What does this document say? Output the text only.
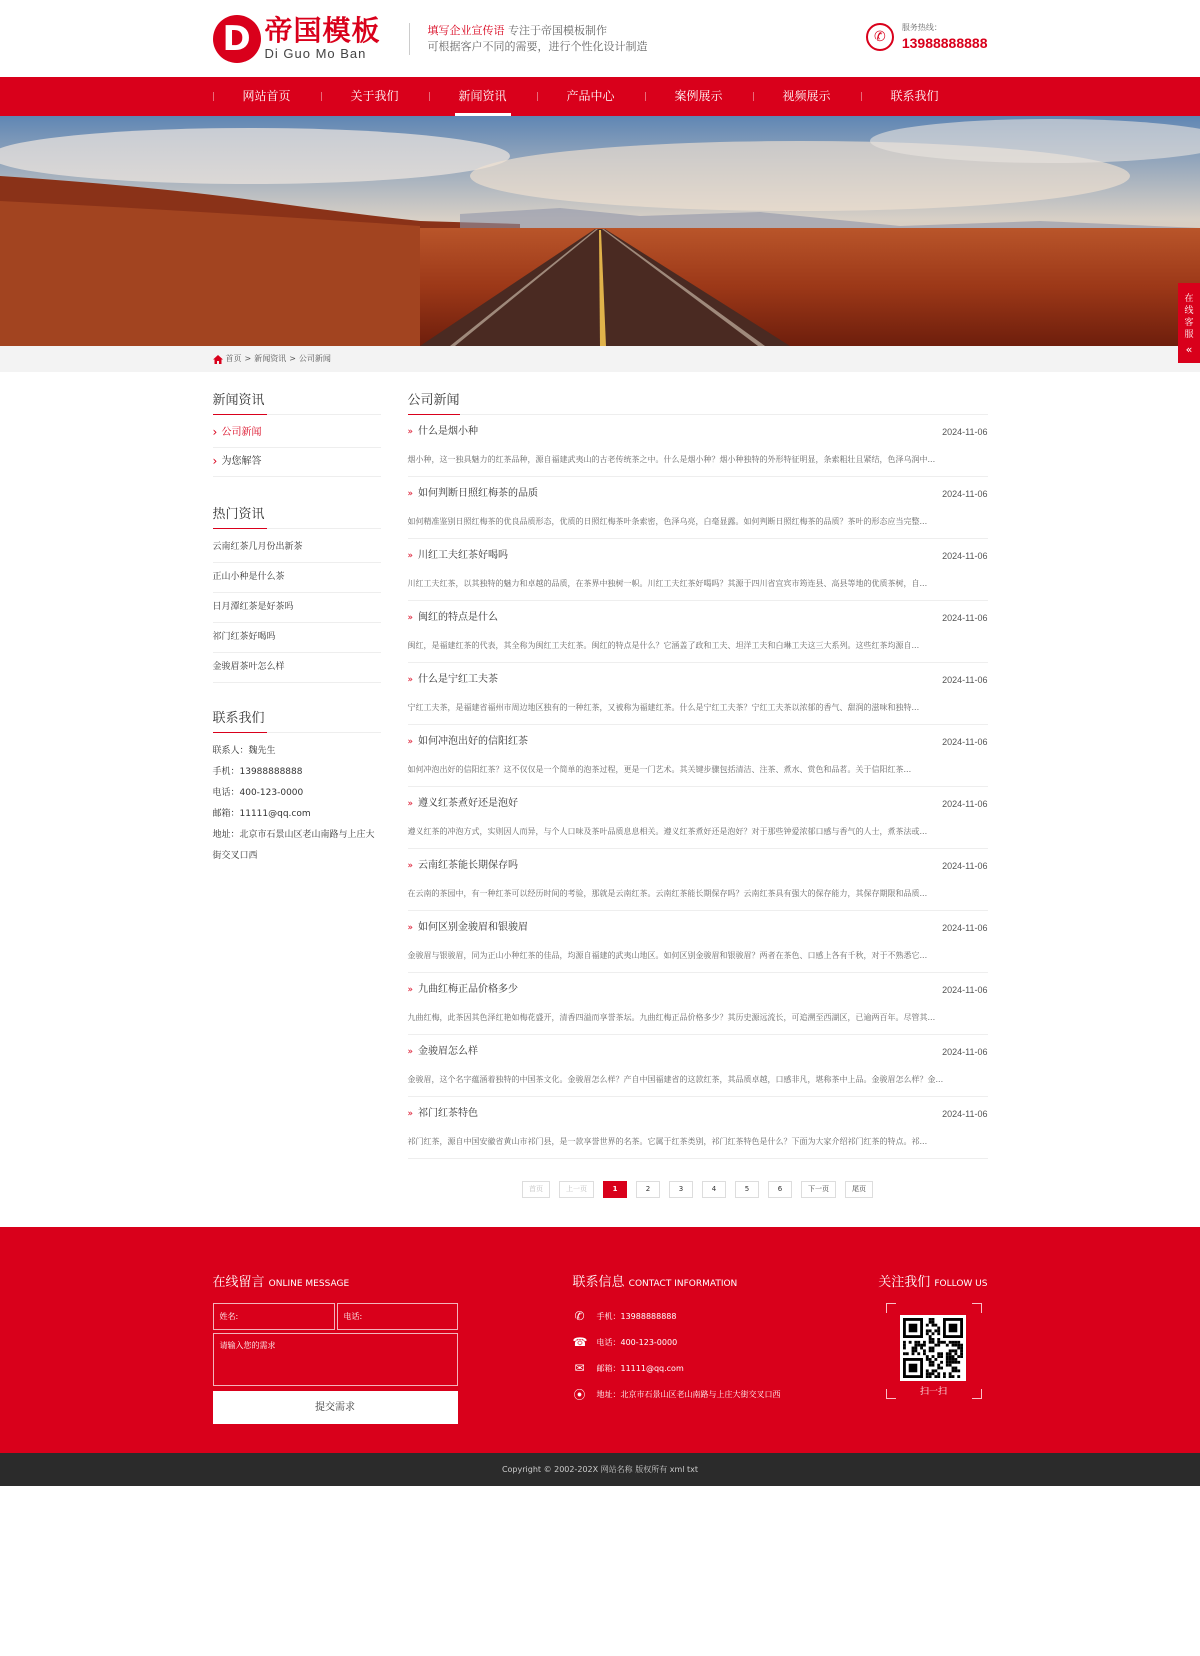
D 帝国模板
Di Guo Mo Ban
填写企业宣传语 专注于帝国模板制作
可根据客户不同的需要，进行个性化设计制造
✆
服务热线：
13988888888
网站首页	关于我们	新闻资讯	产品中心	案例展示	视频展示	联系我们
在线客服
«
首页 > 新闻资讯 > 公司新闻
新闻资讯
› 公司新闻
› 为您解答
热门资讯
云南红茶几月份出新茶
正山小种是什么茶
日月潭红茶是好茶吗
祁门红茶好喝吗
金骏眉茶叶怎么样
联系我们

联系人：魏先生

手机：13988888888

电话：400-123-0000

邮箱：11111@qq.com

地址：北京市石景山区老山南路与上庄大街交叉口西

公司新闻
» 什么是烟小种	2024-11-06
烟小种，这一独具魅力的红茶品种，源自福建武夷山的古老传统茶之中。什么是烟小种？烟小种独特的外形特征明显，条索粗壮且紧结，色泽乌润中...
» 如何判断日照红梅茶的品质	2024-11-06
如何精准鉴别日照红梅茶的优良品质形态，优质的日照红梅茶叶条索密，色泽乌亮，白毫显露。如何判断日照红梅茶的品质？茶叶的形态应当完整...
» 川红工夫红茶好喝吗	2024-11-06
川红工夫红茶，以其独特的魅力和卓越的品质，在茶界中独树一帜。川红工夫红茶好喝吗？其源于四川省宜宾市筠连县、高县等地的优质茶树，自...
» 闽红的特点是什么	2024-11-06
闽红，是福建红茶的代表，其全称为闽红工夫红茶。闽红的特点是什么？它涵盖了政和工夫、坦洋工夫和白琳工夫这三大系列。这些红茶均源自...
» 什么是宁红工夫茶	2024-11-06
宁红工夫茶，是福建省福州市周边地区独有的一种红茶，又被称为福建红茶。什么是宁红工夫茶？宁红工夫茶以浓郁的香气、甜润的滋味和独特...
» 如何冲泡出好的信阳红茶	2024-11-06
如何冲泡出好的信阳红茶？这不仅仅是一个简单的泡茶过程，更是一门艺术。其关键步骤包括清洁、注茶、煮水、赏色和品茗。关于信阳红茶...
» 遵义红茶煮好还是泡好	2024-11-06
遵义红茶的冲泡方式，实则因人而异，与个人口味及茶叶品质息息相关。遵义红茶煮好还是泡好？对于那些钟爱浓郁口感与香气的人士，煮茶法或...
» 云南红茶能长期保存吗	2024-11-06
在云南的茶园中，有一种红茶可以经历时间的考验，那就是云南红茶。云南红茶能长期保存吗？云南红茶具有强大的保存能力，其保存期限和品质...
» 如何区别金骏眉和银骏眉	2024-11-06
金骏眉与银骏眉，同为正山小种红茶的佳品，均源自福建的武夷山地区。如何区别金骏眉和银骏眉？两者在茶色、口感上各有千秋，对于不熟悉它...
» 九曲红梅正品价格多少	2024-11-06
九曲红梅，此茶因其色泽红艳如梅花盛开，清香四溢而享誉茶坛。九曲红梅正品价格多少？其历史源远流长，可追溯至西湖区，已逾两百年。尽管其...
» 金骏眉怎么样	2024-11-06
金骏眉，这个名字蕴涵着独特的中国茶文化。金骏眉怎么样？产自中国福建省的这款红茶，其品质卓越，口感非凡，堪称茶中上品。金骏眉怎么样？金...
» 祁门红茶特色	2024-11-06
祁门红茶，源自中国安徽省黄山市祁门县，是一款享誉世界的名茶。它属于红茶类别，祁门红茶特色是什么？下面为大家介绍祁门红茶的特点。祁...
首页	上一页	1	2	3	4	5	6	下一页	尾页
在线留言 ONLINE MESSAGE
姓名:	电话:
请输入您的需求
提交需求
联系信息 CONTACT INFORMATION
✆ 手机：13988888888
☎ 电话：400-123-0000
✉ 邮箱：11111@qq.com
⦿ 地址：北京市石景山区老山南路与上庄大街交叉口西
关注我们 FOLLOW US
扫一扫
Copyright © 2002-202X 网站名称 版权所有 xml txt
